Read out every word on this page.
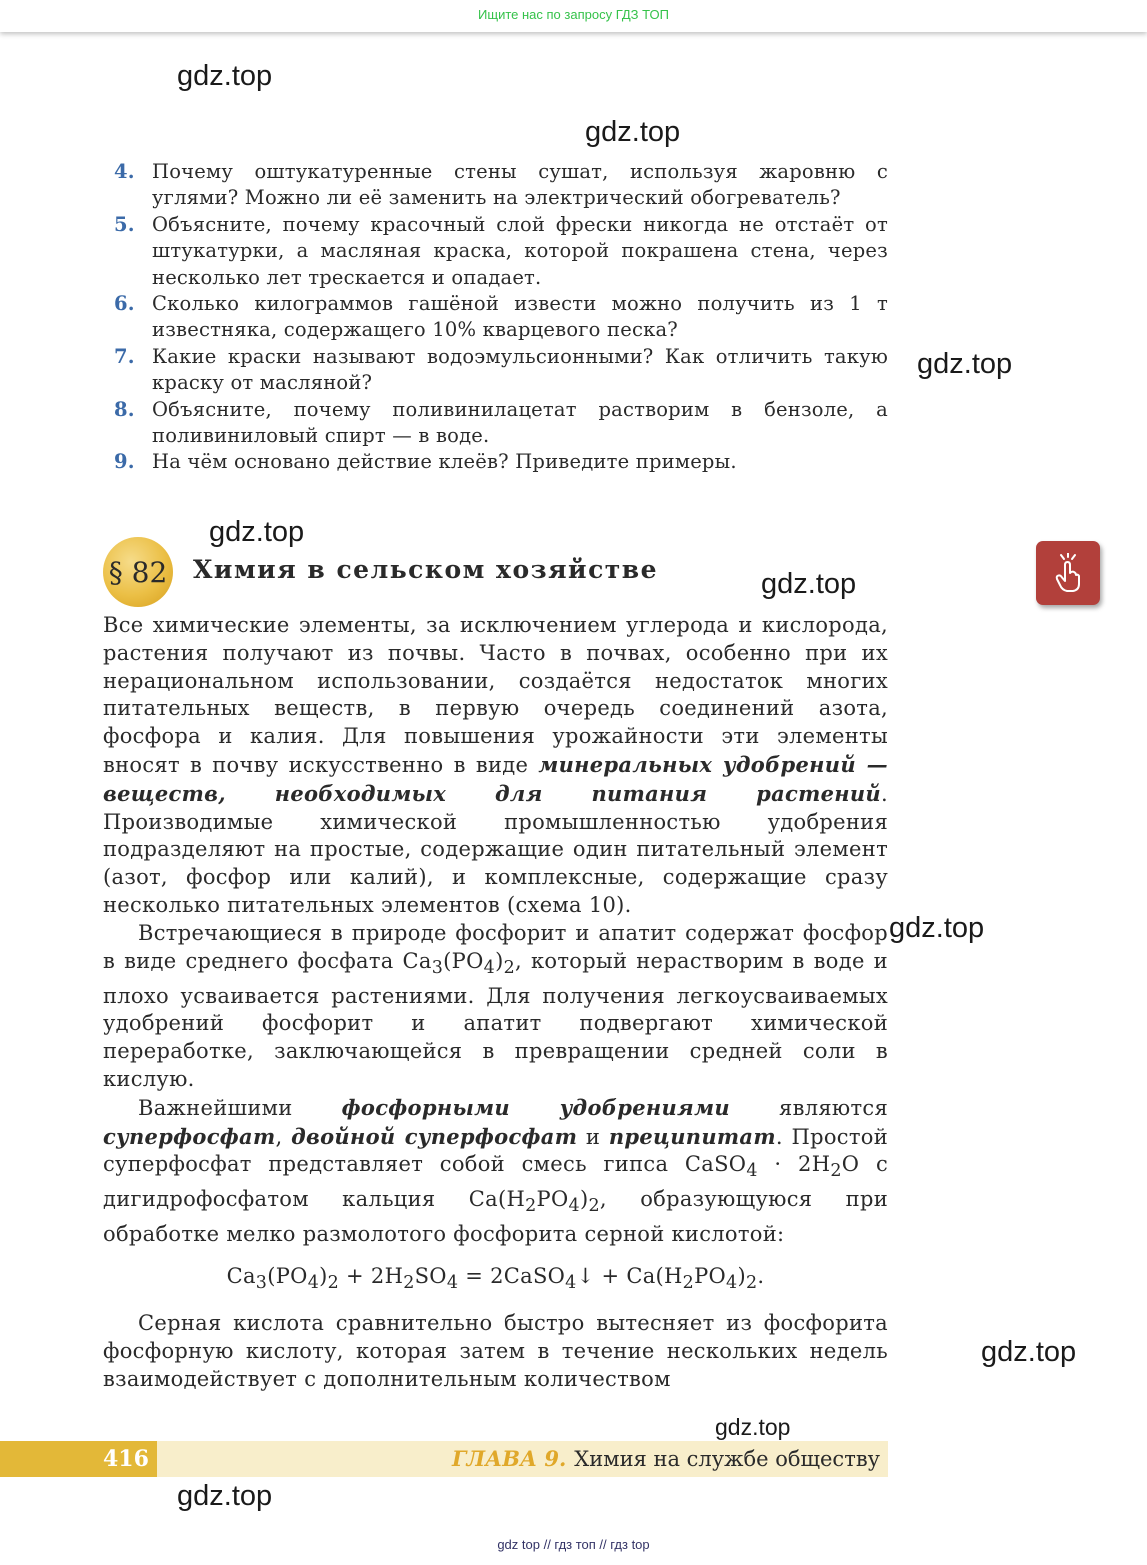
Ищите нас по запросу ГДЗ ТОП
gdz.top
gdz.top
gdz.top
gdz.top
gdz.top
gdz.top
gdz.top
gdz.top
gdz.top
4. Почему оштукатуренные стены сушат, используя жаровню с углями? Можно ли её заменить на электрический обогреватель?
5. Объясните, почему красочный слой фрески никогда не отстаёт от штукатурки, а масляная краска, которой покрашена стена, через несколько лет трескается и опадает.
6. Сколько килограммов гашёной извести можно получить из 1 т известняка, содержащего 10% кварцевого песка?
7. Какие краски называют водоэмульсионными? Как отличить такую краску от масляной?
8. Объясните, почему поливинилацетат растворим в бензоле, а поливиниловый спирт — в воде.
9. На чём основано действие клеёв? Приведите примеры.
§ 82 Химия в сельском хозяйстве

Все химические элементы, за исключением углерода и кислорода, растения получают из почвы. Часто в почвах, особенно при их нерациональном использовании, создаётся недостаток многих питательных веществ, в первую очередь соединений азота, фосфора и калия. Для повышения урожайности эти элементы вносят в почву искусственно в виде минеральных удобрений — веществ, необходимых для питания растений. Производимые химической промышленностью удобрения подразделяют на простые, содержащие один питательный элемент (азот, фосфор или калий), и комплексные, содержащие сразу несколько питательных элементов (схема 10).

Встречающиеся в природе фосфорит и апатит содержат фосфор в виде среднего фосфата $Ca_3(PO_4)_2$, который нерастворим в воде и плохо усваивается растениями. Для получения легкоусваиваемых удобрений фосфорит и апатит подвергают химической переработке, заключающейся в превращении средней соли в кислую.

Важнейшими фосфорными удобрениями являются суперфосфат, двойной суперфосфат и преципитат. Простой суперфосфат представляет собой смесь гипса CaSO$_4$ · $2H_2O$ с дигидрофосфатом кальция $Ca(H_2PO_4)_2$, образующуюся при обработке мелко размолотого фосфорита серной кислотой:

$Ca_3(PO_4)_2 + 2H_2SO_4$ = 2CaSO$_4$↓ + $Ca(H_2PO_4)_2$.

Серная кислота сравнительно быстро вытесняет из фосфорита фосфорную кислоту, которая затем в течение нескольких недель взаимодействует с дополнительным количеством

416	ГЛАВА 9. Химия на службе обществу
gdz top // гдз топ // гдз top
